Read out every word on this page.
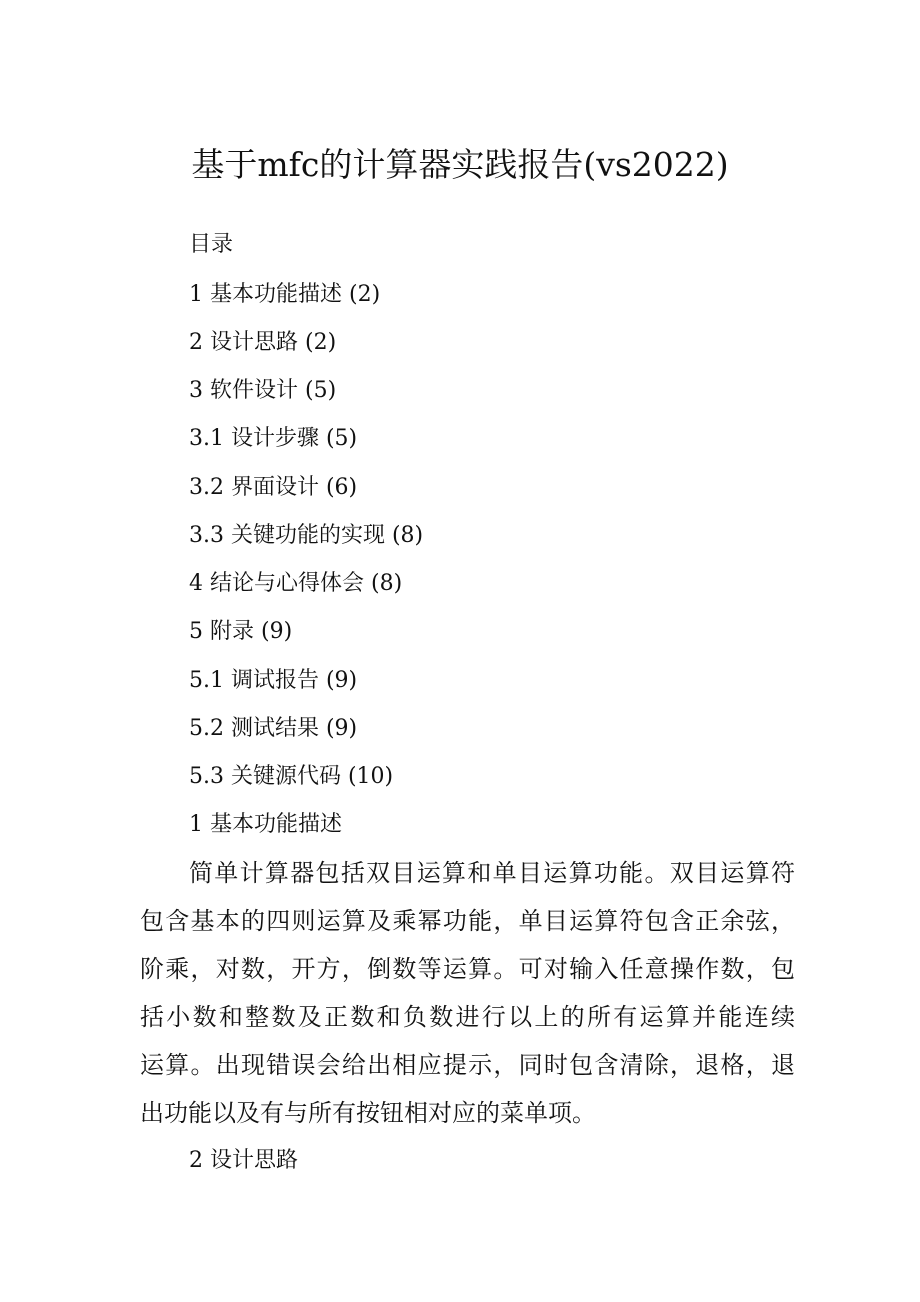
基于mfc的计算器实践报告(vs2022)
目录
1 基本功能描述 (2)
2 设计思路 (2)
3 软件设计 (5)
3.1 设计步骤 (5)
3.2 界面设计 (6)
3.3 关键功能的实现 (8)
4 结论与心得体会 (8)
5 附录 (9)
5.1 调试报告 (9)
5.2 测试结果 (9)
5.3 关键源代码 (10)
1 基本功能描述
简单计算器包括双目运算和单目运算功能。双目运算符
包含基本的四则运算及乘幂功能，单目运算符包含正余弦，
阶乘，对数，开方，倒数等运算。可对输入任意操作数，包
括小数和整数及正数和负数进行以上的所有运算并能连续
运算。出现错误会给出相应提示，同时包含清除，退格，退
出功能以及有与所有按钮相对应的菜单项。
2 设计思路
